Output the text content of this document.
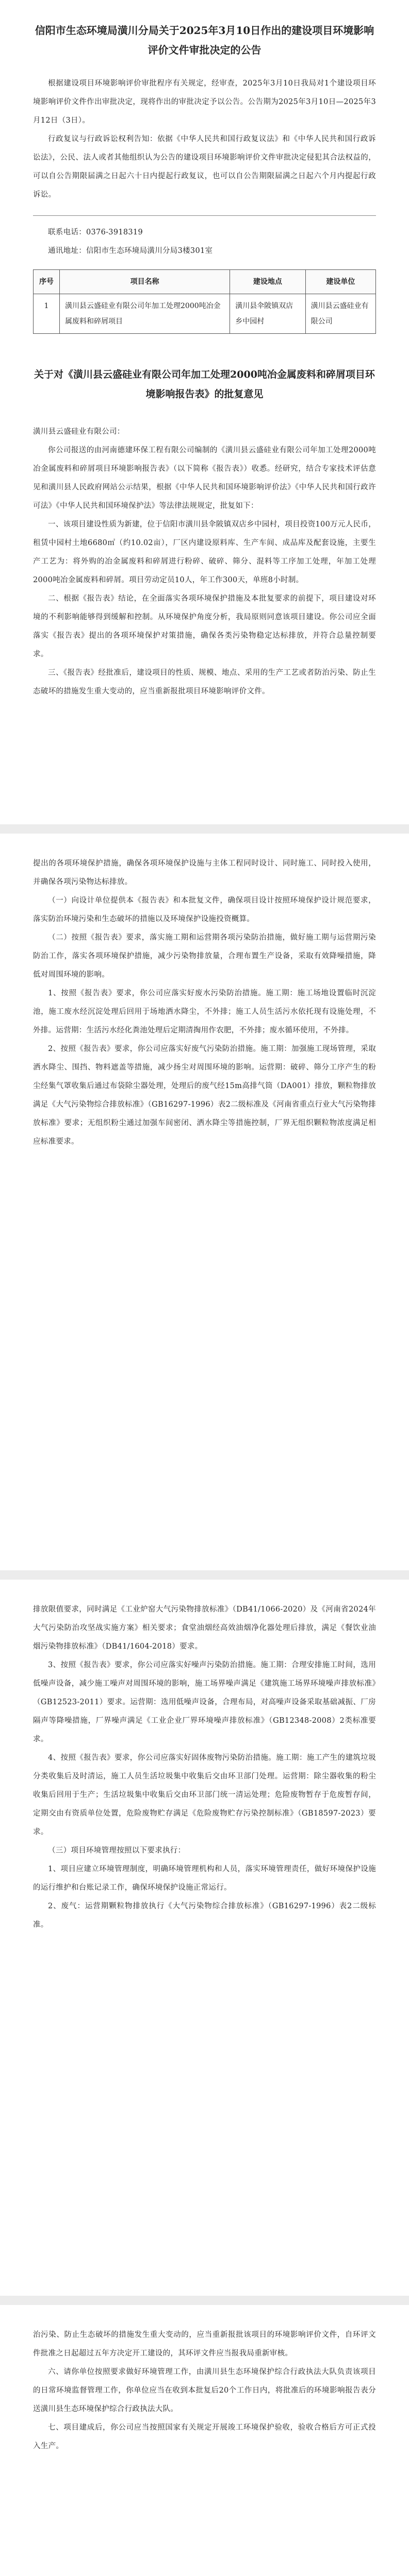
信阳市生态环境局潢川分局关于2025年3月10日作出的建设项目环境影响评价文件审批决定的公告

根据建设项目环境影响评价审批程序有关规定，经审查，2025年3月10日我局对1个建设项目环境影响评价文件作出审批决定，现将作出的审批决定予以公告。公告期为2025年3月10日—2025年3月12日（3日）。

行政复议与行政诉讼权利告知：依据《中华人民共和国行政复议法》和《中华人民共和国行政诉讼法》，公民、法人或者其他组织认为公告的建设项目环境影响评价文件审批决定侵犯其合法权益的，可以自公告期限届满之日起六十日内提起行政复议，也可以自公告期限届满之日起六个月内提起行政诉讼。

联系电话：0376-3918319

通讯地址：信阳市生态环境局潢川分局3楼301室

序号	项目名称	建设地点	建设单位
1	潢川县云盛硅业有限公司年加工处理2000吨冶金属废料和碎屑项目	潢川县伞陂镇双店乡中园村	潢川县云盛硅业有限公司
关于对《潢川县云盛硅业有限公司年加工处理2000吨冶金属废料和碎屑项目环境影响报告表》的批复意见

潢川县云盛硅业有限公司：

你公司报送的由河南德建环保工程有限公司编制的《潢川县云盛硅业有限公司年加工处理2000吨冶金属废料和碎屑项目环境影响报告表》（以下简称《报告表》）收悉。经研究，结合专家技术评估意见和潢川县人民政府网站公示结果，根据《中华人民共和国环境影响评价法》《中华人民共和国行政许可法》《中华人民共和国环境保护法》等法律法规规定，批复如下：

一、该项目建设性质为新建，位于信阳市潢川县伞陂镇双店乡中园村，项目投资100万元人民币，租赁中园村土地6680㎡（约10.02亩），厂区内建设原料库、生产车间、成品库及配套设施，主要生产工艺为：将外购的冶金属废料和碎屑进行粉碎、破碎、筛分、混料等工序加工处理，年加工处理2000吨冶金属废料和碎屑。项目劳动定员10人，年工作300天，单班8小时制。

二、根据《报告表》结论，在全面落实各项环境保护措施及本批复要求的前提下，项目建设对环境的不利影响能够得到缓解和控制。从环境保护角度分析，我局原则同意该项目建设。你公司应全面落实《报告表》提出的各项环境保护对策措施，确保各类污染物稳定达标排放，并符合总量控制要求。

三、《报告表》经批准后，建设项目的性质、规模、地点、采用的生产工艺或者防治污染、防止生态破坏的措施发生重大变动的，应当重新报批项目环境影响评价文件。

提出的各项环境保护措施，确保各项环境保护设施与主体工程同时设计、同时施工、同时投入使用，并确保各项污染物达标排放。

（一）向设计单位提供本《报告表》和本批复文件，确保项目设计按照环境保护设计规范要求，落实防治环境污染和生态破坏的措施以及环境保护设施投资概算。

（二）按照《报告表》要求，落实施工期和运营期各项污染防治措施，做好施工期与运营期污染防治工作，落实各项环境保护措施，减少污染物排放量，合理布置生产设备，采取有效降噪措施，降低对周围环境的影响。

1、按照《报告表》要求，你公司应落实好废水污染防治措施。施工期：施工场地设置临时沉淀池，施工废水经沉淀处理后回用于场地洒水降尘，不外排；施工人员生活污水依托现有设施处理，不外排。运营期：生活污水经化粪池处理后定期清掏用作农肥，不外排；废水循环使用，不外排。

2、按照《报告表》要求，你公司应落实好废气污染防治措施。施工期：加强施工现场管理，采取洒水降尘、围挡、物料遮盖等措施，减少扬尘对周围环境的影响。运营期：破碎、筛分工序产生的粉尘经集气罩收集后通过布袋除尘器处理，处理后的废气经15m高排气筒（DA001）排放，颗粒物排放满足《大气污染物综合排放标准》（GB16297-1996）表2二级标准及《河南省重点行业大气污染物排放标准》要求；无组织粉尘通过加强车间密闭、洒水降尘等措施控制，厂界无组织颗粒物浓度满足相应标准要求。

排放限值要求，同时满足《工业炉窑大气污染物排放标准》（DB41/1066-2020）及《河南省2024年大气污染防治攻坚战实施方案》相关要求；食堂油烟经高效油烟净化器处理后排放，满足《餐饮业油烟污染物排放标准》（DB41/1604-2018）要求。

3、按照《报告表》要求，你公司应落实好噪声污染防治措施。施工期：合理安排施工时间，选用低噪声设备，减少施工噪声对周围环境的影响，施工场界噪声满足《建筑施工场界环境噪声排放标准》（GB12523-2011）要求。运营期：选用低噪声设备，合理布局，对高噪声设备采取基础减振、厂房隔声等降噪措施，厂界噪声满足《工业企业厂界环境噪声排放标准》（GB12348-2008）2类标准要求。

4、按照《报告表》要求，你公司应落实好固体废物污染防治措施。施工期：施工产生的建筑垃圾分类收集后及时清运，施工人员生活垃圾集中收集后交由环卫部门处理。运营期：除尘器收集的粉尘收集后回用于生产；生活垃圾集中收集后交由环卫部门统一清运处理；危险废物暂存于危废暂存间，定期交由有资质单位处置，危险废物贮存满足《危险废物贮存污染控制标准》（GB18597-2023）要求。

（三）项目环境管理按照以下要求执行：

1、项目应建立环境管理制度，明确环境管理机构和人员，落实环境管理责任，做好环境保护设施的运行维护和台账记录工作，确保环境保护设施正常运行。

2、废气：运营期颗粒物排放执行《大气污染物综合排放标准》（GB16297-1996）表2二级标准。

治污染、防止生态破坏的措施发生重大变动的，应当重新报批该项目的环境影响评价文件，自环评文件批准之日起超过五年方决定开工建设的，其环评文件应当报我局重新审核。

六、请你单位按照要求做好环境管理工作，由潢川县生态环境保护综合行政执法大队负责该项目的日常环境监督管理工作，你单位应当在收到本批复后20个工作日内，将批准后的环境影响报告表分送潢川县生态环境保护综合行政执法大队。

七、项目建成后，你公司应当按照国家有关规定开展竣工环境保护验收，验收合格后方可正式投入生产。
